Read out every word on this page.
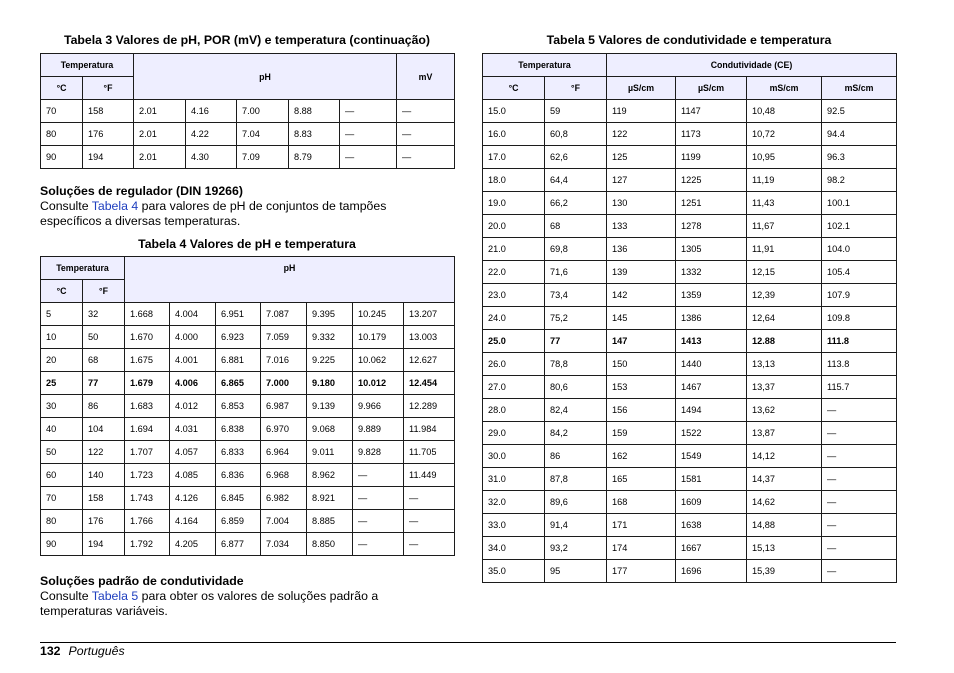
Tabela 3 Valores de pH, POR (mV) e temperatura (continuação)
Temperatura		pH					mV
°C	°F						
70	158	2.01	4.16	7.00	8.88	—	—
80	176	2.01	4.22	7.04	8.83	—	—
90	194	2.01	4.30	7.09	8.79	—	—
Soluções de regulador (DIN 19266)
Consulte Tabela 4 para valores de pH de conjuntos de tampões específicos a diversas temperaturas.
Tabela 4 Valores de pH e temperatura
Temperatura		pH						
°C	°F							
5	32	1.668	4.004	6.951	7.087	9.395	10.245	13.207
10	50	1.670	4.000	6.923	7.059	9.332	10.179	13.003
20	68	1.675	4.001	6.881	7.016	9.225	10.062	12.627
25	77	1.679	4.006	6.865	7.000	9.180	10.012	12.454
30	86	1.683	4.012	6.853	6.987	9.139	9.966	12.289
40	104	1.694	4.031	6.838	6.970	9.068	9.889	11.984
50	122	1.707	4.057	6.833	6.964	9.011	9.828	11.705
60	140	1.723	4.085	6.836	6.968	8.962	—	11.449
70	158	1.743	4.126	6.845	6.982	8.921	—	—
80	176	1.766	4.164	6.859	7.004	8.885	—	—
90	194	1.792	4.205	6.877	7.034	8.850	—	—
Soluções padrão de condutividade
Consulte Tabela 5 para obter os valores de soluções padrão a temperaturas variáveis.
Tabela 5 Valores de condutividade e temperatura
Temperatura		Condutividade (CE)			
°C	°F	µS/cm	µS/cm	mS/cm	mS/cm
15.0	59	119	1147	10,48	92.5
16.0	60,8	122	1173	10,72	94.4
17.0	62,6	125	1199	10,95	96.3
18.0	64,4	127	1225	11,19	98.2
19.0	66,2	130	1251	11,43	100.1
20.0	68	133	1278	11,67	102.1
21.0	69,8	136	1305	11,91	104.0
22.0	71,6	139	1332	12,15	105.4
23.0	73,4	142	1359	12,39	107.9
24.0	75,2	145	1386	12,64	109.8
25.0	77	147	1413	12.88	111.8
26.0	78,8	150	1440	13,13	113.8
27.0	80,6	153	1467	13,37	115.7
28.0	82,4	156	1494	13,62	—
29.0	84,2	159	1522	13,87	—
30.0	86	162	1549	14,12	—
31.0	87,8	165	1581	14,37	—
32.0	89,6	168	1609	14,62	—
33.0	91,4	171	1638	14,88	—
34.0	93,2	174	1667	15,13	—
35.0	95	177	1696	15,39	—
132 Português
